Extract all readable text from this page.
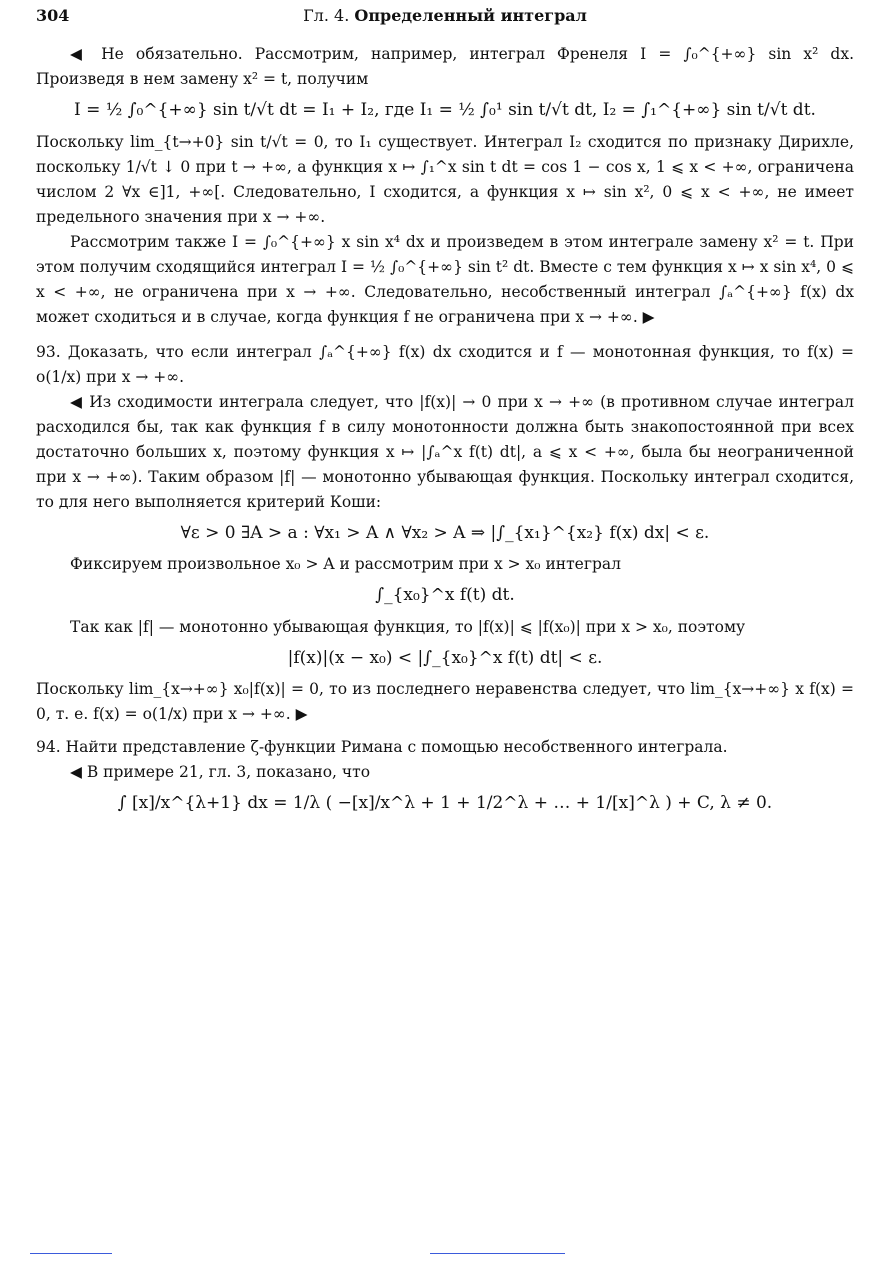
304	Гл. 4. Определенный интеграл

◀ Не обязательно. Рассмотрим, например, интеграл Френеля I = ∫₀^{+∞} sin x² dx. Произведя в нем замену x² = t, получим

I = ½ ∫₀^{+∞} sin t/√t dt = I₁ + I₂, где I₁ = ½ ∫₀¹ sin t/√t dt, I₂ = ∫₁^{+∞} sin t/√t dt.

Поскольку lim_{t→+0} sin t/√t = 0, то I₁ существует. Интеграл I₂ сходится по признаку Дирихле, поскольку 1/√t ↓ 0 при t → +∞, а функция x ↦ ∫₁^x sin t dt = cos 1 − cos x, 1 ⩽ x < +∞, ограничена числом 2 ∀x ∈]1, +∞[. Следовательно, I сходится, а функция x ↦ sin x², 0 ⩽ x < +∞, не имеет предельного значения при x → +∞.

Рассмотрим также I = ∫₀^{+∞} x sin x⁴ dx и произведем в этом интеграле замену x² = t. При этом получим сходящийся интеграл I = ½ ∫₀^{+∞} sin t² dt. Вместе с тем функция x ↦ x sin x⁴, 0 ⩽ x < +∞, не ограничена при x → +∞. Следовательно, несобственный интеграл ∫ₐ^{+∞} f(x) dx может сходиться и в случае, когда функция f не ограничена при x → +∞. ▶

93. Доказать, что если интеграл ∫ₐ^{+∞} f(x) dx сходится и f — монотонная функция, то f(x) = o(1/x) при x → +∞.

◀ Из сходимости интеграла следует, что |f(x)| → 0 при x → +∞ (в противном случае интеграл расходился бы, так как функция f в силу монотонности должна быть знакопостоянной при всех достаточно больших x, поэтому функция x ↦ |∫ₐ^x f(t) dt|, a ⩽ x < +∞, была бы неограниченной при x → +∞). Таким образом |f| — монотонно убывающая функция. Поскольку интеграл сходится, то для него выполняется критерий Коши:

∀ε > 0 ∃A > a : ∀x₁ > A ∧ ∀x₂ > A ⇒ |∫_{x₁}^{x₂} f(x) dx| < ε.

Фиксируем произвольное x₀ > A и рассмотрим при x > x₀ интеграл

∫_{x₀}^x f(t) dt.

Так как |f| — монотонно убывающая функция, то |f(x)| ⩽ |f(x₀)| при x > x₀, поэтому

|f(x)|(x − x₀) < |∫_{x₀}^x f(t) dt| < ε.

Поскольку lim_{x→+∞} x₀|f(x)| = 0, то из последнего неравенства следует, что lim_{x→+∞} x f(x) = 0, т. е. f(x) = o(1/x) при x → +∞. ▶

94. Найти представление ζ-функции Римана с помощью несобственного интеграла.

◀ В примере 21, гл. 3, показано, что

∫ [x]/x^{λ+1} dx = 1/λ ( −[x]/x^λ + 1 + 1/2^λ + … + 1/[x]^λ ) + C, λ ≠ 0.
